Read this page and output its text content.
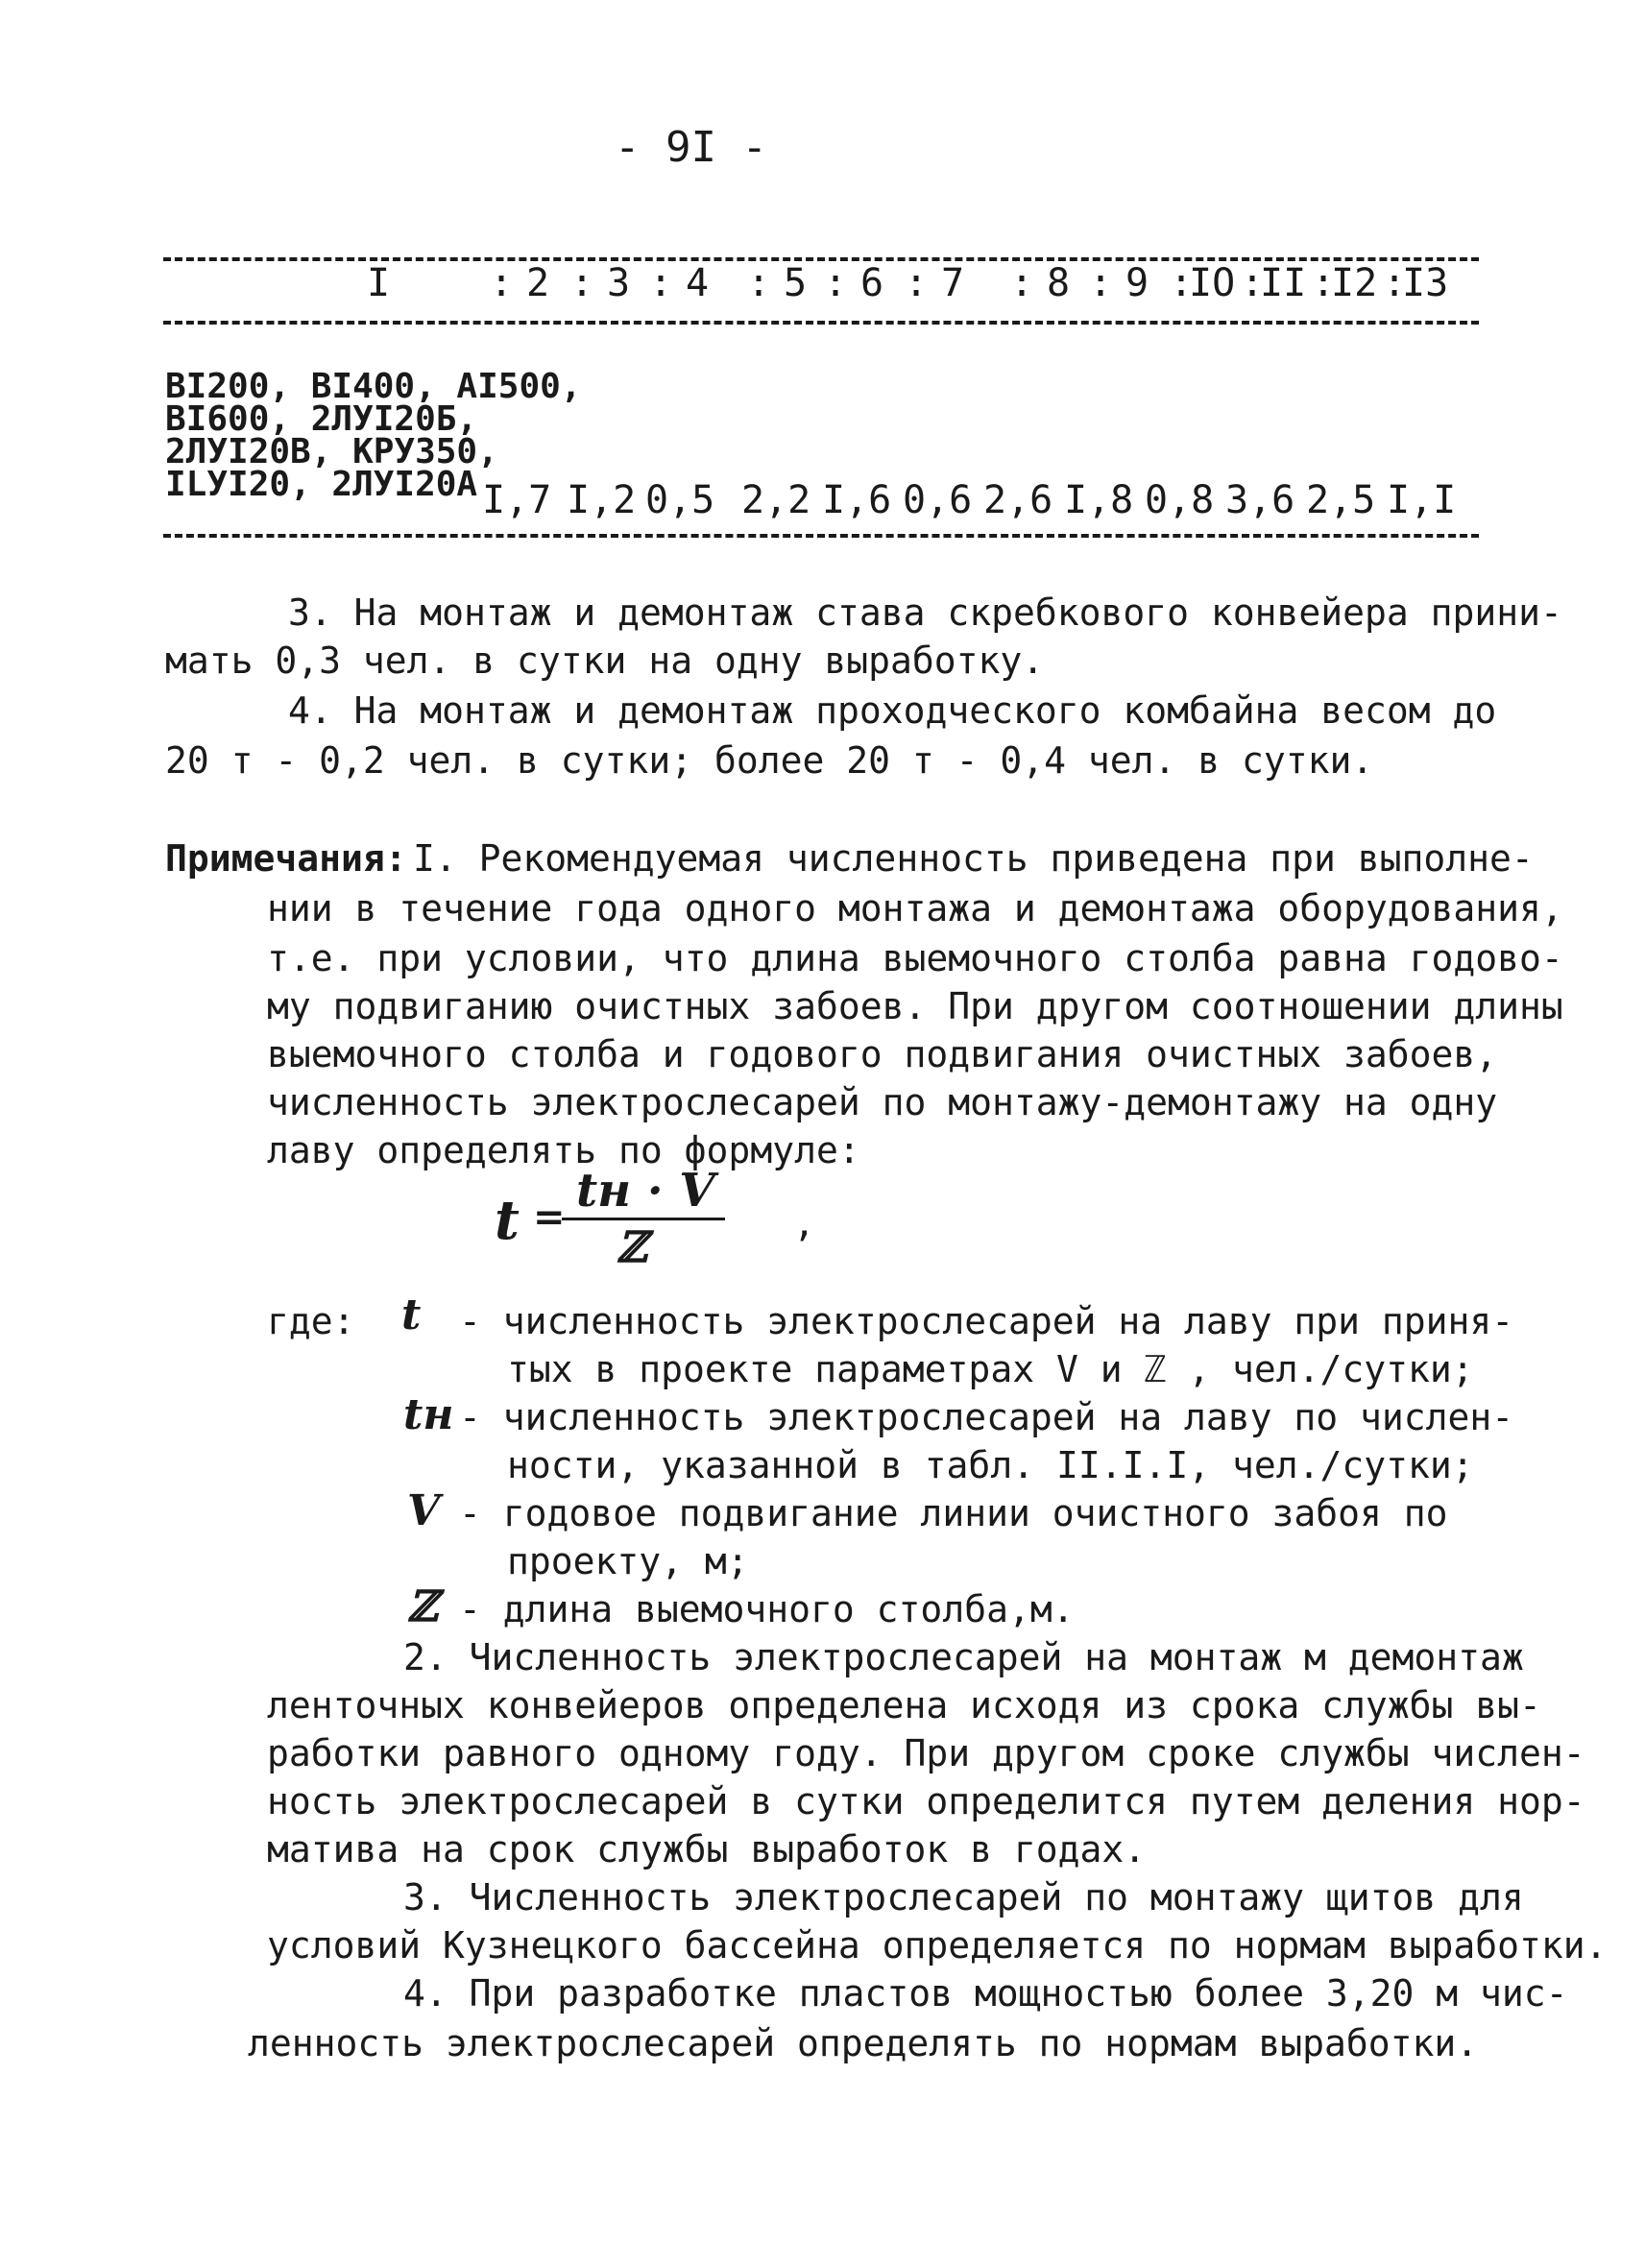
- 9I -
I	: 2 : 3 : 4 : 5 : 6 : 7 : 8 : 9 :
IO :
II :
I2 :
I3
BI200, BI400, AI500,
BI600, 2ЛУI20Б,
2ЛУI20В, КРУ350,
ILУI20, 2ЛУI20А I,7 I,2 0,5 2,2 I,6 0,6 2,6 I,8 0,8 3,6 2,5 I,I
3. На монтаж и демонтаж става скребкового конвейера прини-
мать 0,3 чел. в сутки на одну выработку.
4. На монтаж и демонтаж проходческого комбайна весом до
20 т - 0,2 чел. в сутки; более 20 т - 0,4 чел. в сутки.
Примечания: I. Рекомендуемая численность приведена при выполне-
нии в течение года одного монтажа и демонтажа оборудования,
т.е. при условии, что длина выемочного столба равна годово-
му подвиганию очистных забоев. При другом соотношении длины
выемочного столба и годового подвигания очистных забоев,
численность электрослесарей по монтажу-демонтажу на одну
лаву определять по формуле:
t = tн · V
ℤ	,
где: t - численность электрослесарей на лаву при приня-
тых в проекте параметрах V и ℤ , чел./сутки;
tн - численность электрослесарей на лаву по числен-
ности, указанной в табл. II.I.I, чел./сутки;
V - годовое подвигание линии очистного забоя по
проекту, м;
ℤ - длина выемочного столба,м.
2. Численность электрослесарей на монтаж м демонтаж
ленточных конвейеров определена исходя из срока службы вы-
работки равного одному году. При другом сроке службы числен-
ность электрослесарей в сутки определится путем деления нор-
матива на срок службы выработок в годах.
3. Численность электрослесарей по монтажу щитов для
условий Кузнецкого бассейна определяется по нормам выработки.
4. При разработке пластов мощностью более 3,20 м чис-
ленность электрослесарей определять по нормам выработки.
